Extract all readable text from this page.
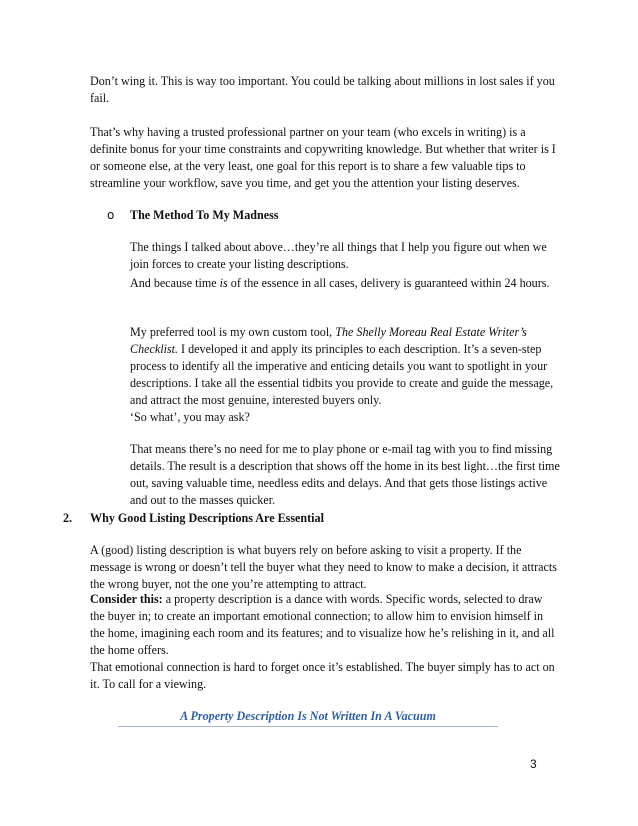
Don’t wing it. This is way too important. You could be talking about millions in lost sales if you fail.

That’s why having a trusted professional partner on your team (who excels in writing) is a definite bonus for your time constraints and copywriting knowledge. But whether that writer is I or someone else, at the very least, one goal for this report is to share a few valuable tips to streamline your workflow, save you time, and get you the attention your listing deserves.

o The Method To My Madness

The things I talked about above…they’re all things that I help you figure out when we join forces to create your listing descriptions.

And because time is of the essence in all cases, delivery is guaranteed within 24 hours.

My preferred tool is my own custom tool, The Shelly Moreau Real Estate Writer’s Checklist. I developed it and apply its principles to each description. It’s a seven-step process to identify all the imperative and enticing details you want to spotlight in your descriptions. I take all the essential tidbits you provide to create and guide the message, and attract the most genuine, interested buyers only.

‘So what’, you may ask?

That means there’s no need for me to play phone or e-mail tag with you to find missing details. The result is a description that shows off the home in its best light…the first time out, saving valuable time, needless edits and delays. And that gets those listings active and out to the masses quicker.

2. Why Good Listing Descriptions Are Essential

A (good) listing description is what buyers rely on before asking to visit a property. If the message is wrong or doesn’t tell the buyer what they need to know to make a decision, it attracts the wrong buyer, not the one you’re attempting to attract.

Consider this: a property description is a dance with words. Specific words, selected to draw the buyer in; to create an important emotional connection; to allow him to envision himself in the home, imagining each room and its features; and to visualize how he’s relishing in it, and all the home offers.

That emotional connection is hard to forget once it’s established. The buyer simply has to act on it. To call for a viewing.

A Property Description Is Not Written In A Vacuum
3
